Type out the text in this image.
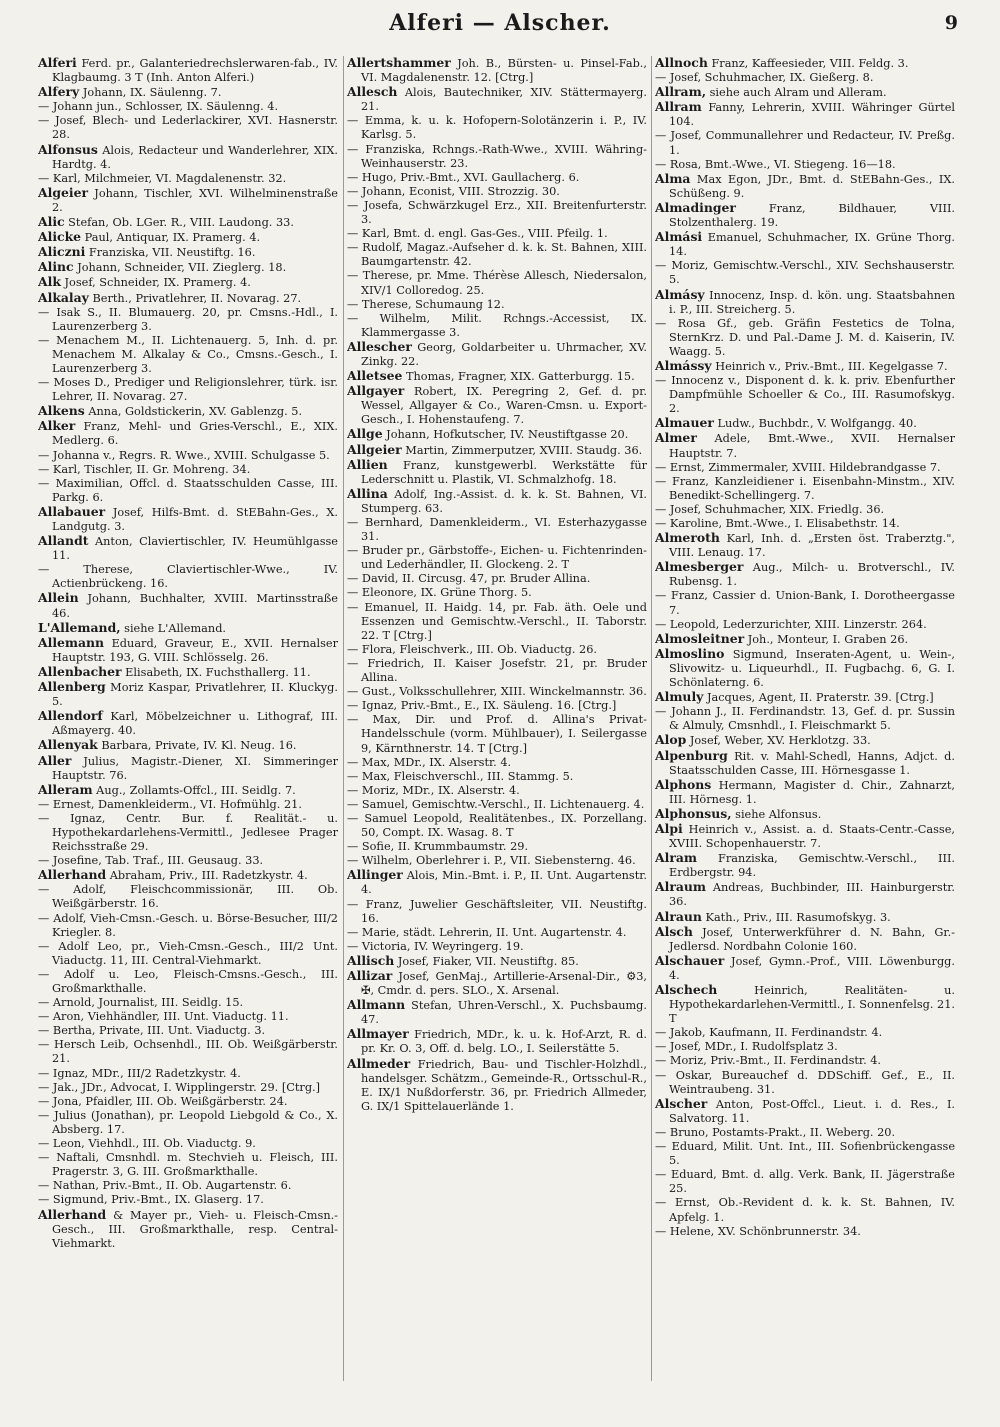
Alferi — Alscher.	9

Alferi Ferd. pr., Galanteriedrechslerwaren-fab., IV. Klagbaumg. 3 T (Inh. Anton Alferi.)

Alfery Johann, IX. Säulenng. 7.

— Johann jun., Schlosser, IX. Säulenng. 4.

— Josef, Blech- und Lederlackirer, XVI. Hasnerstr. 28.

Alfonsus Alois, Redacteur und Wanderlehrer, XIX. Hardtg. 4.

— Karl, Milchmeier, VI. Magdalenenstr. 32.

Algeier Johann, Tischler, XVI. Wilhelminenstraße 2.

Alic Stefan, Ob. LGer. R., VIII. Laudong. 33.

Alicke Paul, Antiquar, IX. Pramerg. 4.

Aliczni Franziska, VII. Neustiftg. 16.

Alinc Johann, Schneider, VII. Zieglerg. 18.

Alk Josef, Schneider, IX. Pramerg. 4.

Alkalay Berth., Privatlehrer, II. Novarag. 27.

— Isak S., II. Blumauerg. 20, pr. Cmsns.-Hdl., I. Laurenzerberg 3.

— Menachem M., II. Lichtenauerg. 5, Inh. d. pr. Menachem M. Alkalay & Co., Cmsns.-Gesch., I. Laurenzerberg 3.

— Moses D., Prediger und Religionslehrer, türk. isr. Lehrer, II. Novarag. 27.

Alkens Anna, Goldstickerin, XV. Gablenzg. 5.

Alker Franz, Mehl- und Gries-Verschl., E., XIX. Medlerg. 6.

— Johanna v., Regrs. R. Wwe., XVIII. Schulgasse 5.

— Karl, Tischler, II. Gr. Mohreng. 34.

— Maximilian, Offcl. d. Staatsschulden Casse, III. Parkg. 6.

Allabauer Josef, Hilfs-Bmt. d. StEBahn-Ges., X. Landgutg. 3.

Allandt Anton, Claviertischler, IV. Heumühlgasse 11.

— Therese, Claviertischler-Wwe., IV. Actienbrückeng. 16.

Allein Johann, Buchhalter, XVIII. Martinsstraße 46.

L'Allemand, siehe L'Allemand.

Allemann Eduard, Graveur, E., XVII. Hernalser Hauptstr. 193, G. VIII. Schlösselg. 26.

Allenbacher Elisabeth, IX. Fuchsthallerg. 11.

Allenberg Moriz Kaspar, Privatlehrer, II. Kluckyg. 5.

Allendorf Karl, Möbelzeichner u. Lithograf, III. Aßmayerg. 40.

Allenyak Barbara, Private, IV. Kl. Neug. 16.

Aller Julius, Magistr.-Diener, XI. Simmeringer Hauptstr. 76.

Alleram Aug., Zollamts-Offcl., III. Seidlg. 7.

— Ernest, Damenkleiderm., VI. Hofmühlg. 21.

— Ignaz, Centr. Bur. f. Realität.- u. Hypothekardarlehens-Vermittl., Jedlesee Prager Reichsstraße 29.

— Josefine, Tab. Traf., III. Geusaug. 33.

Allerhand Abraham, Priv., III. Radetzkystr. 4.

— Adolf, Fleischcommissionär, III. Ob. Weißgärberstr. 16.

— Adolf, Vieh-Cmsn.-Gesch. u. Börse-Besucher, III/2 Kriegler. 8.

— Adolf Leo, pr., Vieh-Cmsn.-Gesch., III/2 Unt. Viaductg. 11, III. Central-Viehmarkt.

— Adolf u. Leo, Fleisch-Cmsns.-Gesch., III. Großmarkthalle.

— Arnold, Journalist, III. Seidlg. 15.

— Aron, Viehhändler, III. Unt. Viaductg. 11.

— Bertha, Private, III. Unt. Viaductg. 3.

— Hersch Leib, Ochsenhdl., III. Ob. Weißgärberstr. 21.

— Ignaz, MDr., III/2 Radetzkystr. 4.

— Jak., JDr., Advocat, I. Wipplingerstr. 29. [Ctrg.]

— Jona, Pfaidler, III. Ob. Weißgärberstr. 24.

— Julius (Jonathan), pr. Leopold Liebgold & Co., X. Absberg. 17.

— Leon, Viehhdl., III. Ob. Viaductg. 9.

— Naftali, Cmsnhdl. m. Stechvieh u. Fleisch, III. Pragerstr. 3, G. III. Großmarkthalle.

— Nathan, Priv.-Bmt., II. Ob. Augartenstr. 6.

— Sigmund, Priv.-Bmt., IX. Glaserg. 17.

Allerhand & Mayer pr., Vieh- u. Fleisch-Cmsn.-Gesch., III. Großmarkthalle, resp. Central-Viehmarkt.

Allertshammer Joh. B., Bürsten- u. Pinsel-Fab., VI. Magdalenenstr. 12. [Ctrg.]

Allesch Alois, Bautechniker, XIV. Stättermayerg. 21.

— Emma, k. u. k. Hofopern-Solotänzerin i. P., IV. Karlsg. 5.

— Franziska, Rchngs.-Rath-Wwe., XVIII. Währing-Weinhauserstr. 23.

— Hugo, Priv.-Bmt., XVI. Gaullacherg. 6.

— Johann, Econist, VIII. Strozzig. 30.

— Josefa, Schwärzkugel Erz., XII. Breitenfurterstr. 3.

— Karl, Bmt. d. engl. Gas-Ges., VIII. Pfeilg. 1.

— Rudolf, Magaz.-Aufseher d. k. k. St. Bahnen, XIII. Baumgartenstr. 42.

— Therese, pr. Mme. Thérèse Allesch, Niedersalon, XIV/1 Colloredog. 25.

— Therese, Schumaung 12.

— Wilhelm, Milit. Rchngs.-Accessist, IX. Klammergasse 3.

Allescher Georg, Goldarbeiter u. Uhrmacher, XV. Zinkg. 22.

Alletsee Thomas, Fragner, XIX. Gatterburgg. 15.

Allgayer Robert, IX. Peregring 2, Gef. d. pr. Wessel, Allgayer & Co., Waren-Cmsn. u. Export-Gesch., I. Hohenstaufeng. 7.

Allge Johann, Hofkutscher, IV. Neustiftgasse 20.

Allgeier Martin, Zimmerputzer, XVIII. Staudg. 36.

Allien Franz, kunstgewerbl. Werkstätte für Lederschnitt u. Plastik, VI. Schmalzhofg. 18.

Allina Adolf, Ing.-Assist. d. k. k. St. Bahnen, VI. Stumperg. 63.

— Bernhard, Damenkleiderm., VI. Esterhazygasse 31.

— Bruder pr., Gärbstoffe-, Eichen- u. Fichtenrinden- und Lederhändler, II. Glockeng. 2. T

— David, II. Circusg. 47, pr. Bruder Allina.

— Eleonore, IX. Grüne Thorg. 5.

— Emanuel, II. Haidg. 14, pr. Fab. äth. Oele und Essenzen und Gemischtw.-Verschl., II. Taborstr. 22. T [Ctrg.]

— Flora, Fleischverk., III. Ob. Viaductg. 26.

— Friedrich, II. Kaiser Josefstr. 21, pr. Bruder Allina.

— Gust., Volksschullehrer, XIII. Winckelmannstr. 36.

— Ignaz, Priv.-Bmt., E., IX. Säuleng. 16. [Ctrg.]

— Max, Dir. und Prof. d. Allina's Privat-Handelsschule (vorm. Mühlbauer), I. Seilergasse 9, Kärnthnerstr. 14. T [Ctrg.]

— Max, MDr., IX. Alserstr. 4.

— Max, Fleischverschl., III. Stammg. 5.

— Moriz, MDr., IX. Alserstr. 4.

— Samuel, Gemischtw.-Verschl., II. Lichtenauerg. 4.

— Samuel Leopold, Realitätenbes., IX. Porzellang. 50, Compt. IX. Wasag. 8. T

— Sofie, II. Krummbaumstr. 29.

— Wilhelm, Oberlehrer i. P., VII. Siebensterng. 46.

Allinger Alois, Min.-Bmt. i. P., II. Unt. Augartenstr. 4.

— Franz, Juwelier Geschäftsleiter, VII. Neustiftg. 16.

— Marie, städt. Lehrerin, II. Unt. Augartenstr. 4.

— Victoria, IV. Weyringerg. 19.

Allisch Josef, Fiaker, VII. Neustiftg. 85.

Allizar Josef, GenMaj., Artillerie-Arsenal-Dir., ⚙3, ✠, Cmdr. d. pers. SLO., X. Arsenal.

Allmann Stefan, Uhren-Verschl., X. Puchsbaumg. 47.

Allmayer Friedrich, MDr., k. u. k. Hof-Arzt, R. d. pr. Kr. O. 3, Off. d. belg. LO., I. Seilerstätte 5.

Allmeder Friedrich, Bau- und Tischler-Holzhdl., handelsger. Schätzm., Gemeinde-R., Ortsschul-R., E. IX/1 Nußdorferstr. 36, pr. Friedrich Allmeder, G. IX/1 Spittelauerlände 1.

Allnoch Franz, Kaffeesieder, VIII. Feldg. 3.

— Josef, Schuhmacher, IX. Gießerg. 8.

Allram, siehe auch Alram und Alleram.

Allram Fanny, Lehrerin, XVIII. Währinger Gürtel 104.

— Josef, Communallehrer und Redacteur, IV. Preßg. 1.

— Rosa, Bmt.-Wwe., VI. Stiegeng. 16—18.

Alma Max Egon, JDr., Bmt. d. StEBahn-Ges., IX. Schüßeng. 9.

Almadinger	Franz, Bildhauer, VIII. Stolzenthalerg. 19.

Almási Emanuel, Schuhmacher, IX. Grüne Thorg. 14.

— Moriz, Gemischtw.-Verschl., XIV. Sechshauserstr. 5.

Almásy Innocenz, Insp. d. kön. ung. Staatsbahnen i. P., III. Streicherg. 5.

— Rosa Gf., geb. Gräfin Festetics de Tolna, SternKrz. D. und Pal.-Dame J. M. d. Kaiserin, IV. Waagg. 5.

Almássy Heinrich v., Priv.-Bmt., III. Kegelgasse 7.

— Innocenz v., Disponent d. k. k. priv. Ebenfurther Dampfmühle Schoeller & Co., III. Rasumofskyg. 2.

Almauer Ludw., Buchbdr., V. Wolfgangg. 40.

Almer Adele, Bmt.-Wwe., XVII. Hernalser Hauptstr. 7.

— Ernst, Zimmermaler, XVIII. Hildebrandgasse 7.

— Franz, Kanzleidiener i. Eisenbahn-Minstm., XIV. Benedikt-Schellingerg. 7.

— Josef, Schuhmacher, XIX. Friedlg. 36.

— Karoline, Bmt.-Wwe., I. Elisabethstr. 14.

Almeroth Karl, Inh. d. „Ersten öst. Traberztg.", VIII. Lenaug. 17.

Almesberger Aug., Milch- u. Brotverschl., IV. Rubensg. 1.

— Franz, Cassier d. Union-Bank, I. Dorotheergasse 7.

— Leopold, Lederzurichter, XIII. Linzerstr. 264.

Almosleitner Joh., Monteur, I. Graben 26.

Almoslino Sigmund, Inseraten-Agent, u. Wein-, Slivowitz- u. Liqueurhdl., II. Fugbachg. 6, G. I. Schönlaterng. 6.

Almuly Jacques, Agent, II. Praterstr. 39. [Ctrg.]

— Johann J., II. Ferdinandstr. 13, Gef. d. pr. Sussin & Almuly, Cmsnhdl., I. Fleischmarkt 5.

Alop Josef, Weber, XV. Herklotzg. 33.

Alpenburg Rit. v. Mahl-Schedl, Hanns, Adjct. d. Staatsschulden Casse, III. Hörnesgasse 1.

Alphons Hermann, Magister d. Chir., Zahnarzt, III. Hörnesg. 1.

Alphonsus, siehe Alfonsus.

Alpi Heinrich v., Assist. a. d. Staats-Centr.-Casse, XVIII. Schopenhauerstr. 7.

Alram Franziska, Gemischtw.-Verschl., III. Erdbergstr. 94.

Alraum Andreas, Buchbinder, III. Hainburgerstr. 36.

Alraun Kath., Priv., III. Rasumofskyg. 3.

Alsch Josef, Unterwerkführer d. N. Bahn, Gr.-Jedlersd. Nordbahn Colonie 160.

Alschauer Josef, Gymn.-Prof., VIII. Löwenburgg. 4.

Alschech	Heinrich, Realitäten- u. Hypothekardarlehen-Vermittl., I. Sonnenfelsg. 21. T

— Jakob, Kaufmann, II. Ferdinandstr. 4.

— Josef, MDr., I. Rudolfsplatz 3.

— Moriz, Priv.-Bmt., II. Ferdinandstr. 4.

— Oskar, Bureauchef d. DDSchiff. Gef., E., II. Weintraubeng. 31.

Alscher Anton, Post-Offcl., Lieut. i. d. Res., I. Salvatorg. 11.

— Bruno, Postamts-Prakt., II. Weberg. 20.

— Eduard, Milit. Unt. Int., III. Sofienbrückengasse 5.

— Eduard, Bmt. d. allg. Verk. Bank, II. Jägerstraße 25.

— Ernst, Ob.-Revident d. k. k. St. Bahnen, IV. Apfelg. 1.

— Helene, XV. Schönbrunnerstr. 34.
